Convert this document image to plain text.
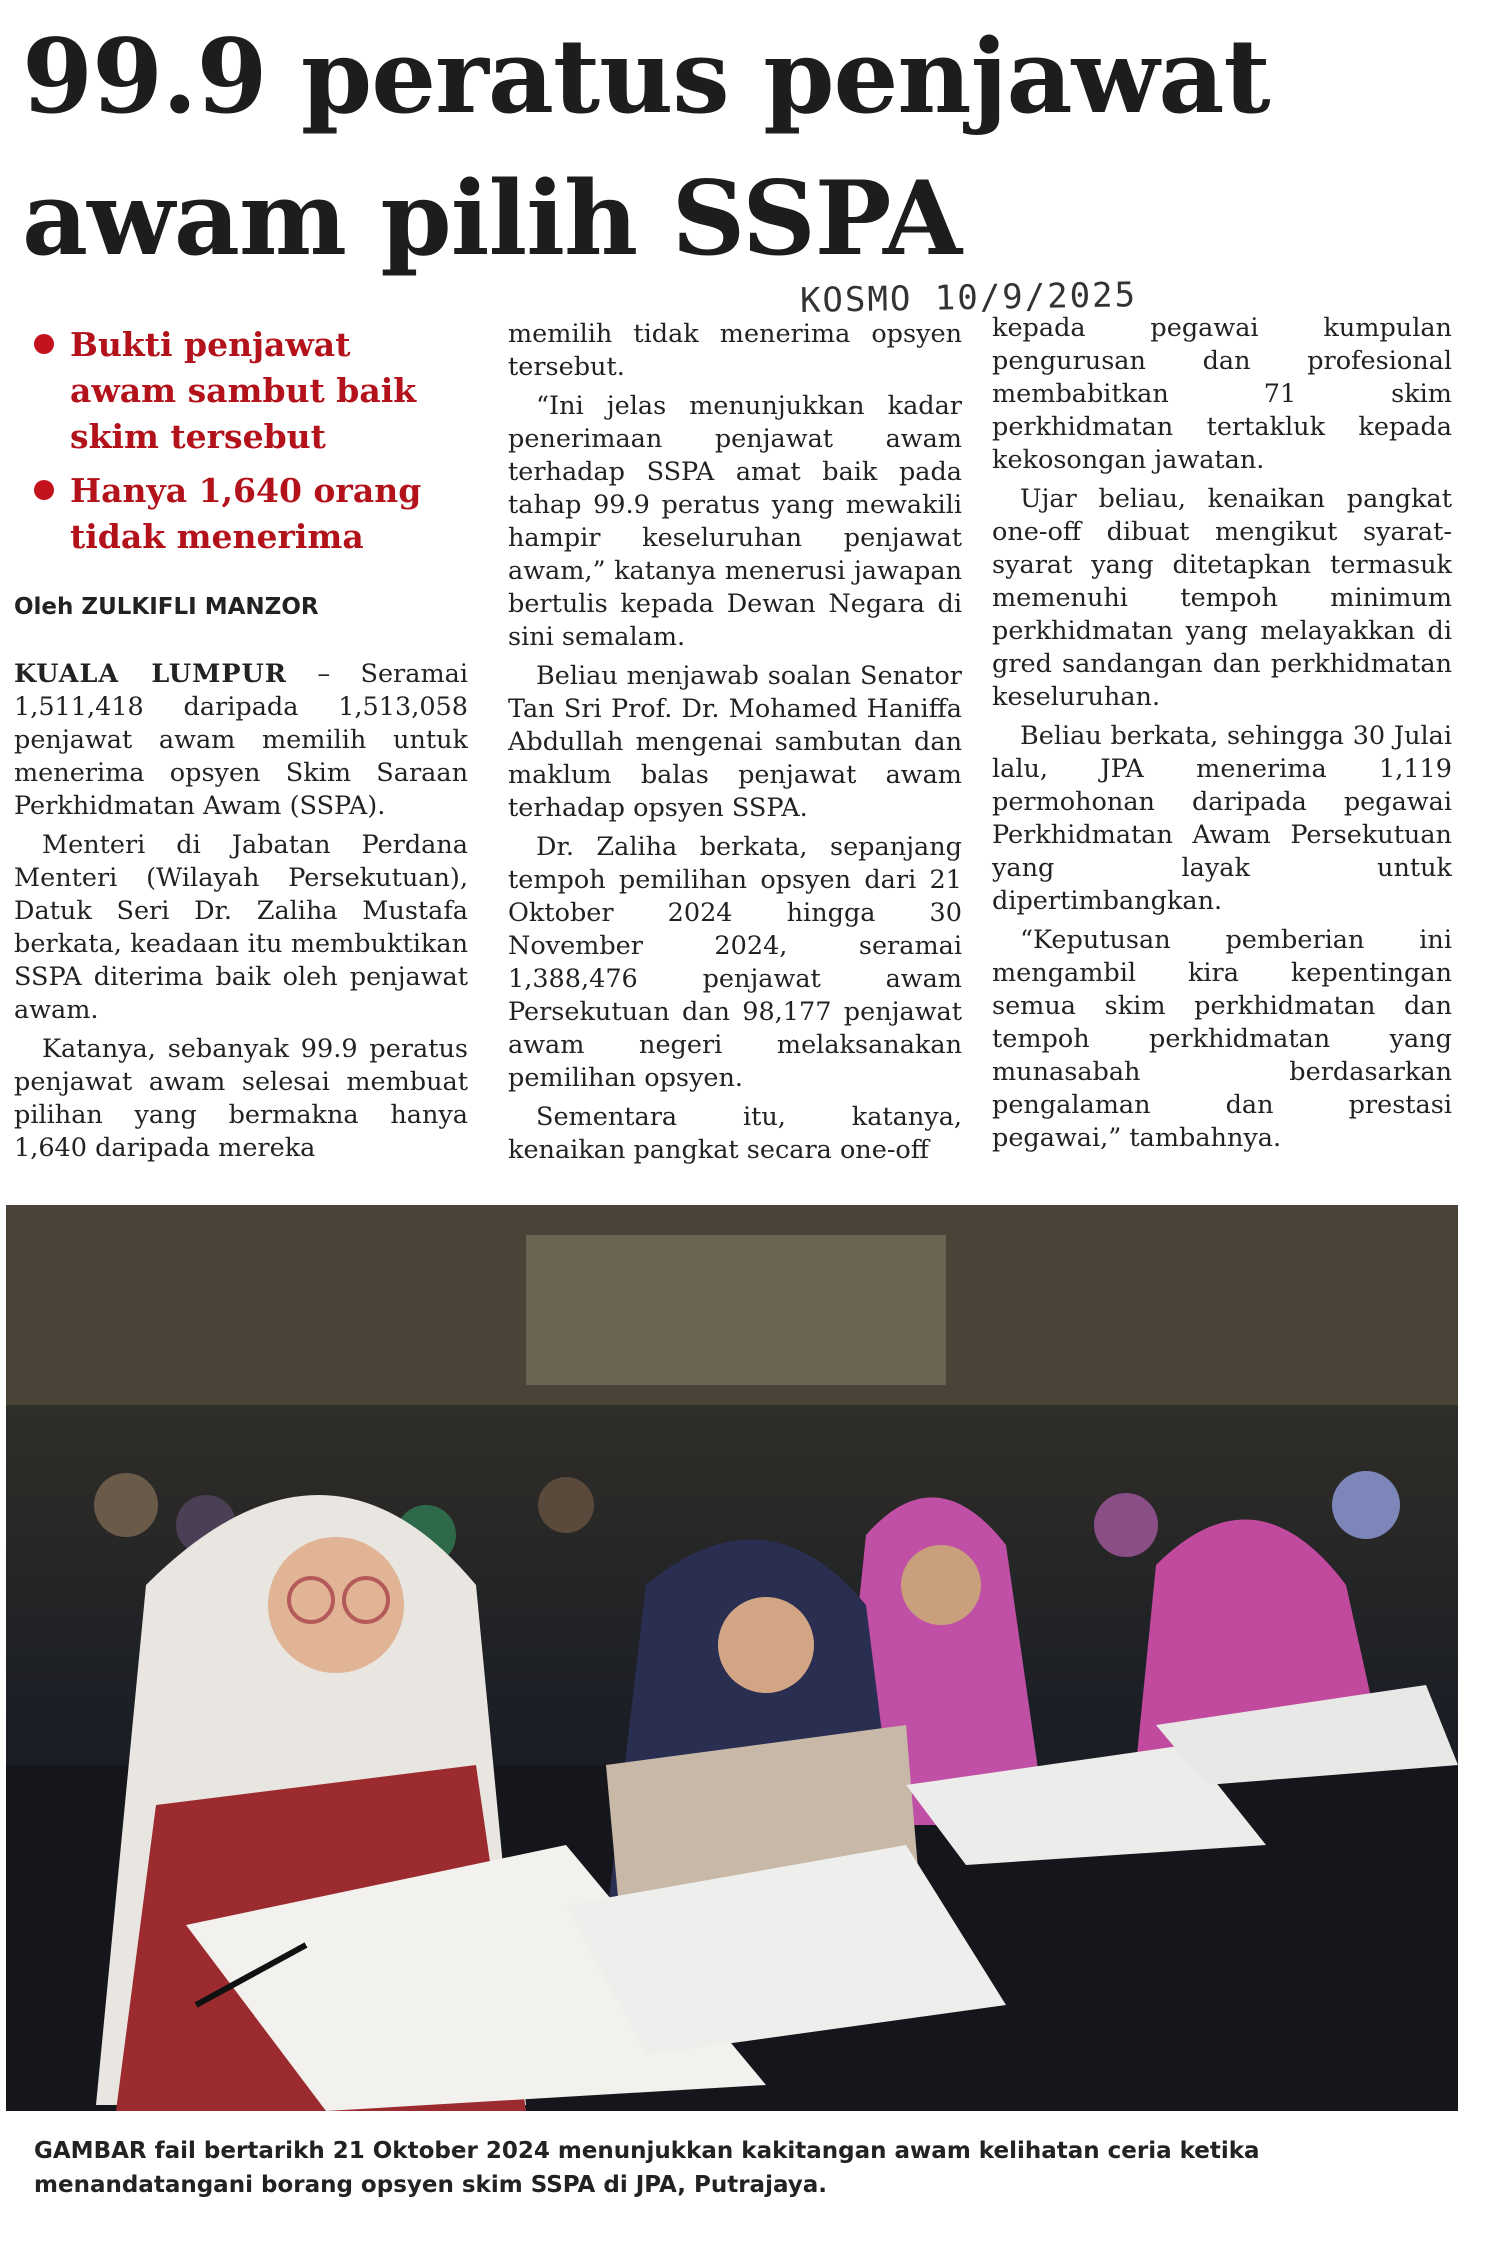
99.9 peratus penjawat awam pilih SSPA
KOSMO 10/9/2025
Bukti penjawat awam sambut baik skim tersebut
Hanya 1,640 orang tidak menerima
Oleh ZULKIFLI MANZOR

KUALA LUMPUR – Seramai 1,511,418 daripada 1,513,058 penjawat awam memilih untuk menerima opsyen Skim Saraan Perkhidmatan Awam (SSPA).

Menteri di Jabatan Perdana Menteri (Wilayah Persekutuan), Datuk Seri Dr. Zaliha Mustafa berkata, keadaan itu membuktikan SSPA diterima baik oleh penjawat awam.

Katanya, sebanyak 99.9 peratus penjawat awam selesai membuat pilihan yang bermakna hanya 1,640 daripada mereka

memilih tidak menerima opsyen tersebut.

“Ini jelas menunjukkan kadar penerimaan penjawat awam terhadap SSPA amat baik pada tahap 99.9 peratus yang mewakili hampir keseluruhan penjawat awam,” katanya menerusi jawapan bertulis kepada Dewan Negara di sini semalam.

Beliau menjawab soalan Senator Tan Sri Prof. Dr. Mohamed Haniffa Abdullah mengenai sambutan dan maklum balas penjawat awam terhadap opsyen SSPA.

Dr. Zaliha berkata, sepanjang tempoh pemilihan opsyen dari 21 Oktober 2024 hingga 30 November 2024, seramai 1,388,476 penjawat awam Persekutuan dan 98,177 penjawat awam negeri melaksanakan pemilihan opsyen.

Sementara itu, katanya, kenaikan pangkat secara one-off

kepada pegawai kumpulan pengurusan dan profesional membabitkan 71 skim perkhidmatan tertakluk kepada kekosongan jawatan.

Ujar beliau, kenaikan pangkat one-off dibuat mengikut syarat-syarat yang ditetapkan termasuk memenuhi tempoh minimum perkhidmatan yang melayakkan di gred sandangan dan perkhidmatan keseluruhan.

Beliau berkata, sehingga 30 Julai lalu, JPA menerima 1,119 permohonan daripada pegawai Perkhidmatan Awam Persekutuan yang layak untuk dipertimbangkan.

“Keputusan pemberian ini mengambil kira kepentingan semua skim perkhidmatan dan tempoh perkhidmatan yang munasabah berdasarkan pengalaman dan prestasi pegawai,” tambahnya.

GAMBAR fail bertarikh 21 Oktober 2024 menunjukkan kakitangan awam kelihatan ceria ketika menandatangani borang opsyen skim SSPA di JPA, Putrajaya.
